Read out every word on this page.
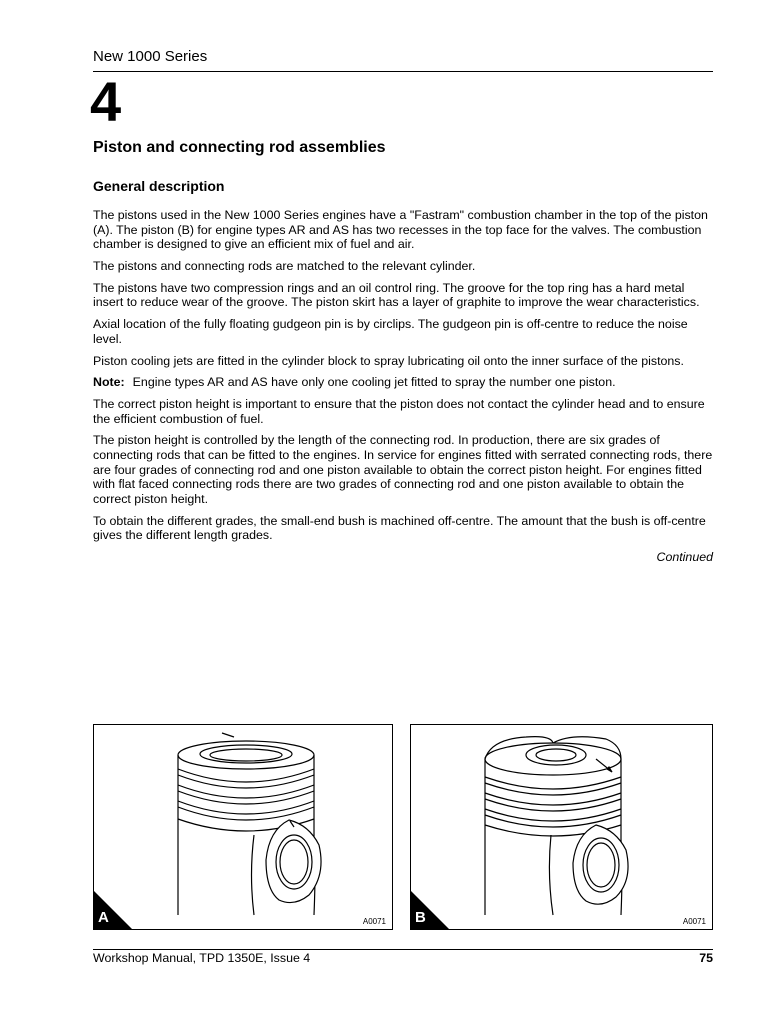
New 1000 Series
4
Piston and connecting rod assemblies
General description

The pistons used in the New 1000 Series engines have a "Fastram" combustion chamber in the top of the piston (A). The piston (B) for engine types AR and AS has two recesses in the top face for the valves. The combustion chamber is designed to give an efficient mix of fuel and air.

The pistons and connecting rods are matched to the relevant cylinder.

The pistons have two compression rings and an oil control ring. The groove for the top ring has a hard metal insert to reduce wear of the groove. The piston skirt has a layer of graphite to improve the wear characteristics.

Axial location of the fully floating gudgeon pin is by circlips. The gudgeon pin is off-centre to reduce the noise level.

Piston cooling jets are fitted in the cylinder block to spray lubricating oil onto the inner surface of the pistons.

Note: Engine types AR and AS have only one cooling jet fitted to spray the number one piston.

The correct piston height is important to ensure that the piston does not contact the cylinder head and to ensure the efficient combustion of fuel.

The piston height is controlled by the length of the connecting rod. In production, there are six grades of connecting rods that can be fitted to the engines. In service for engines fitted with serrated connecting rods, there are four grades of connecting rod and one piston available to obtain the correct piston height. For engines fitted with flat faced connecting rods there are two grades of connecting rod and one piston available to obtain the correct piston height.

To obtain the different grades, the small-end bush is machined off-centre. The amount that the bush is off-centre gives the different length grades.

Continued
A	A0071 B	A0071
Workshop Manual, TPD 1350E, Issue 4	75
